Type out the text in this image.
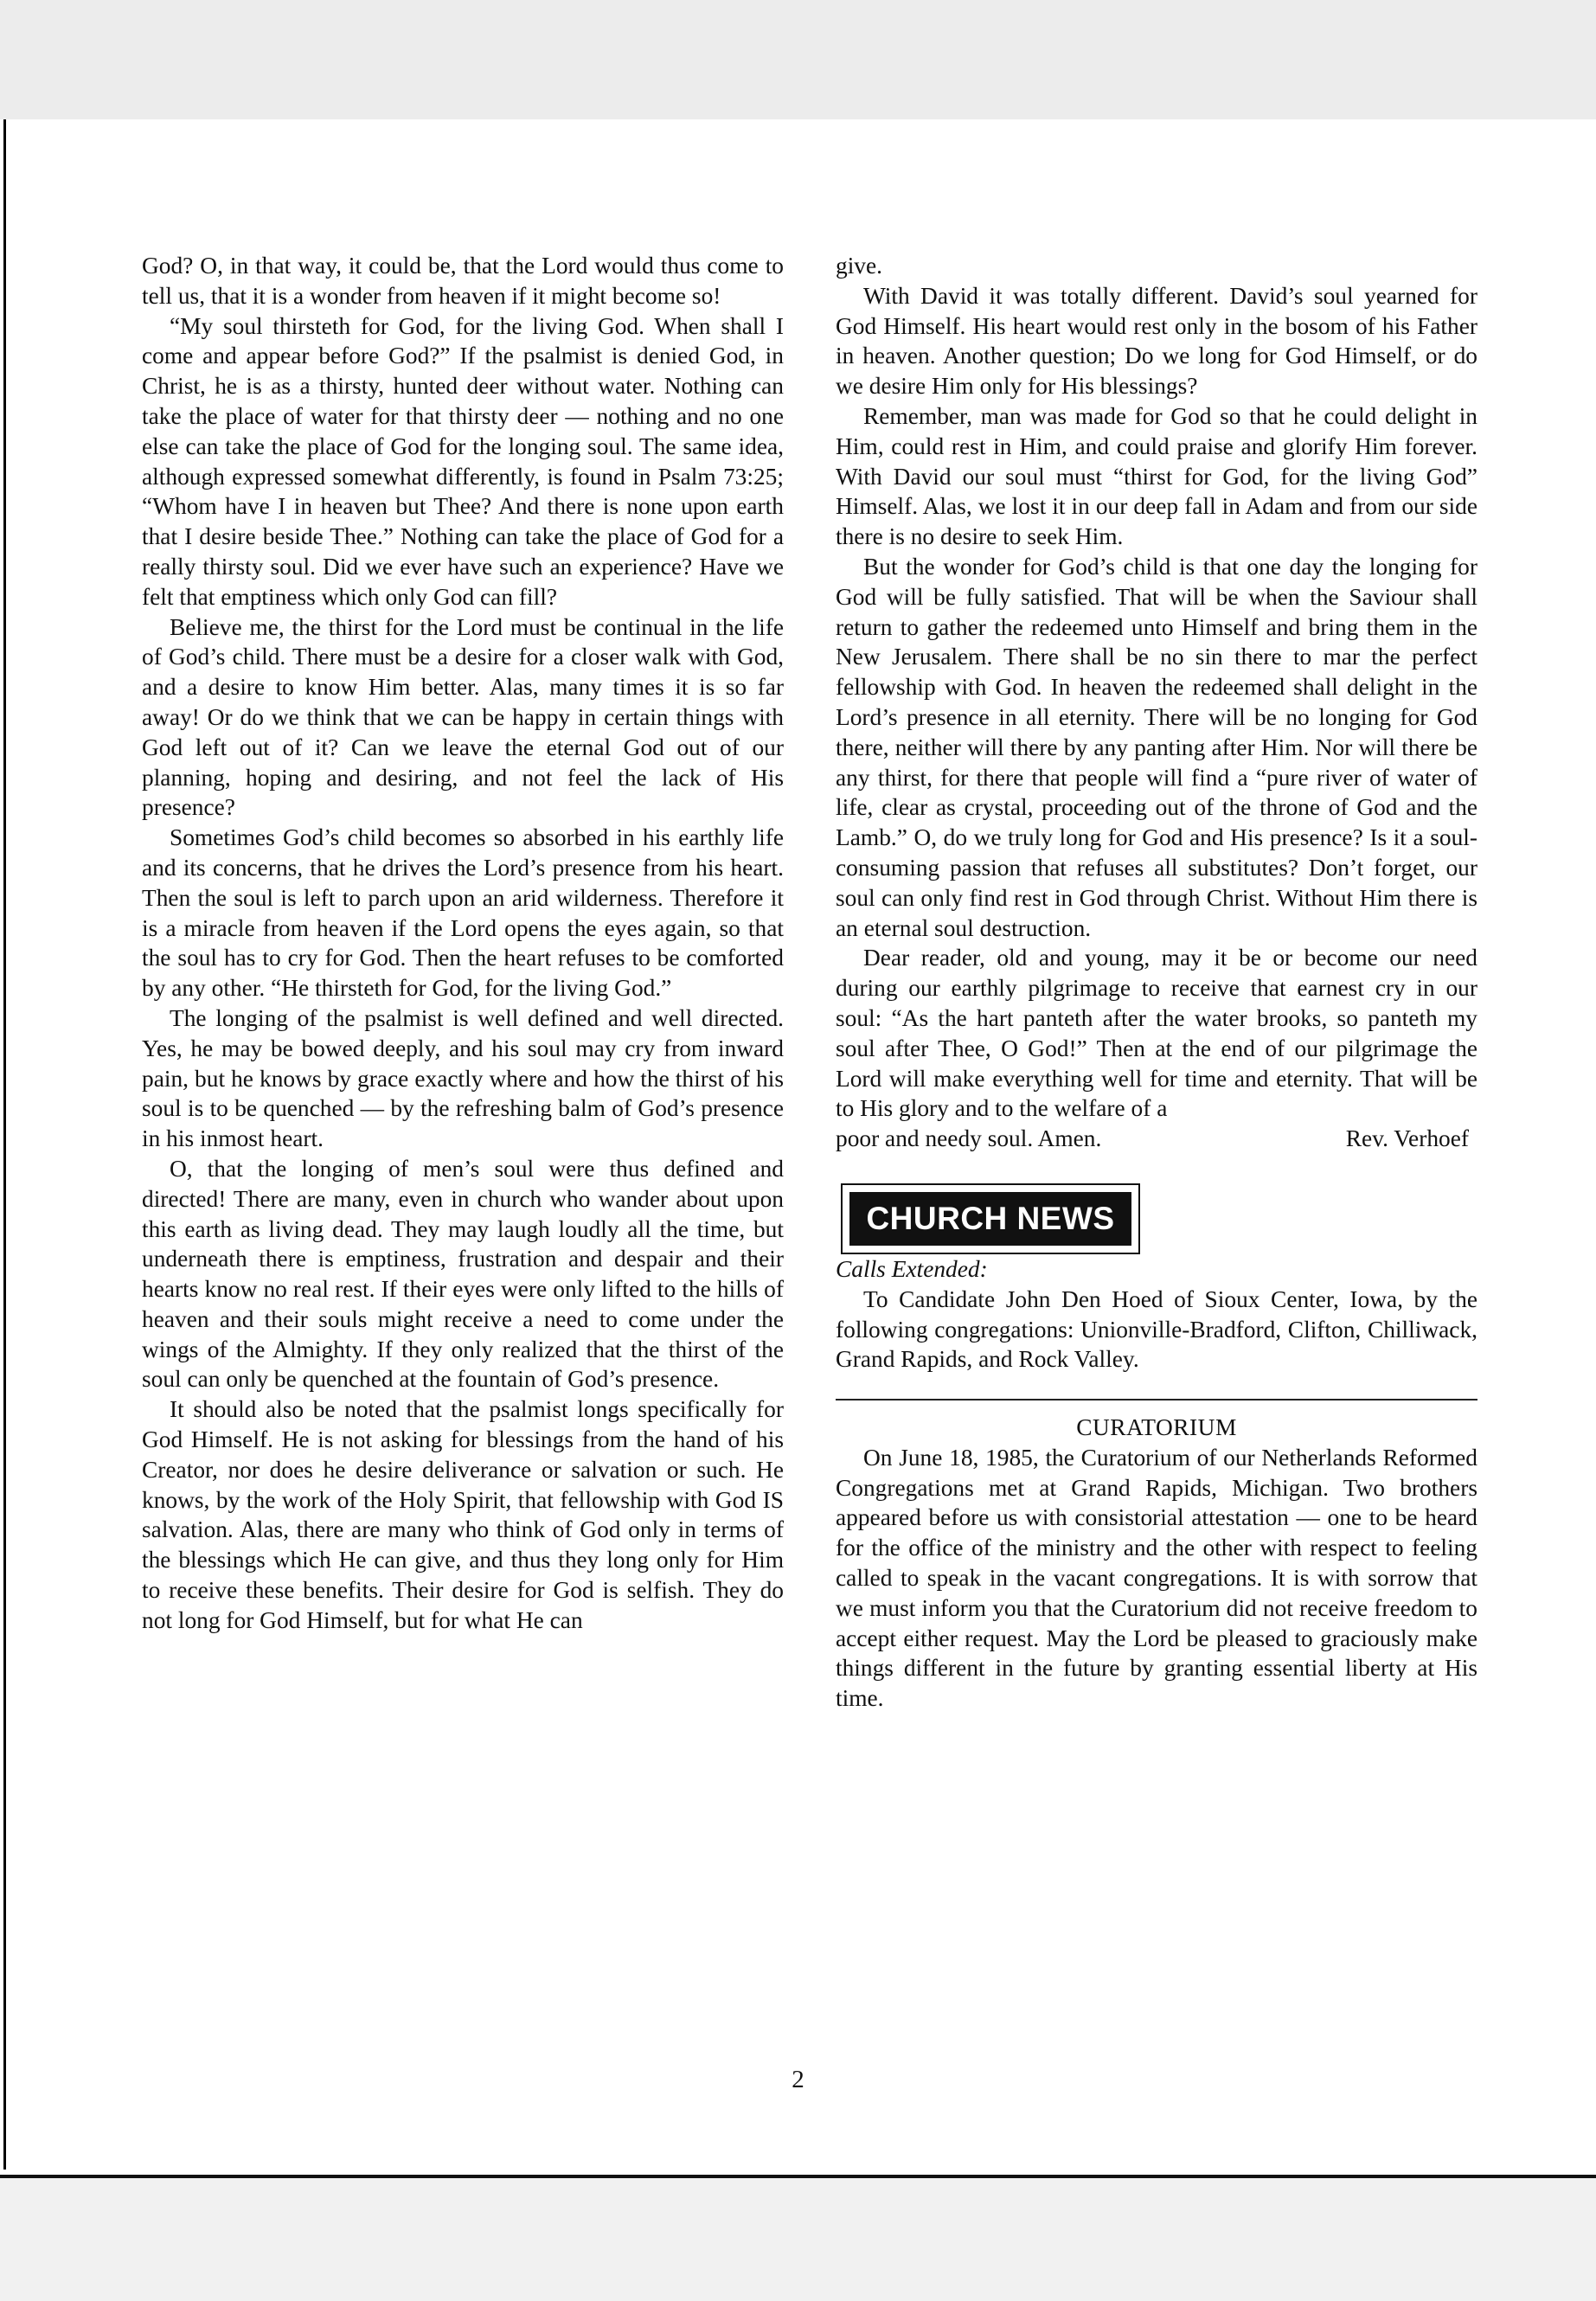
God? O, in that way, it could be, that the Lord would thus come to tell us, that it is a wonder from heaven if it might become so!

“My soul thirsteth for God, for the living God. When shall I come and appear before God?” If the psalmist is denied God, in Christ, he is as a thirsty, hunted deer without water. Nothing can take the place of water for that thirsty deer — nothing and no one else can take the place of God for the longing soul. The same idea, although expressed somewhat differently, is found in Psalm 73:25; “Whom have I in heaven but Thee? And there is none upon earth that I desire beside Thee.” Nothing can take the place of God for a really thirsty soul. Did we ever have such an experience? Have we felt that emptiness which only God can fill?

Believe me, the thirst for the Lord must be continual in the life of God’s child. There must be a desire for a closer walk with God, and a desire to know Him better. Alas, many times it is so far away! Or do we think that we can be happy in certain things with God left out of it? Can we leave the eternal God out of our planning, hoping and desiring, and not feel the lack of His presence?

Sometimes God’s child becomes so absorbed in his earthly life and its concerns, that he drives the Lord’s presence from his heart. Then the soul is left to parch upon an arid wilderness. Therefore it is a miracle from heaven if the Lord opens the eyes again, so that the soul has to cry for God. Then the heart refuses to be comforted by any other. “He thirsteth for God, for the living God.”

The longing of the psalmist is well defined and well directed. Yes, he may be bowed deeply, and his soul may cry from inward pain, but he knows by grace exactly where and how the thirst of his soul is to be quenched — by the refreshing balm of God’s presence in his inmost heart.

O, that the longing of men’s soul were thus defined and directed! There are many, even in church who wander about upon this earth as living dead. They may laugh loudly all the time, but underneath there is emptiness, frustration and despair and their hearts know no real rest. If their eyes were only lifted to the hills of heaven and their souls might receive a need to come under the wings of the Almighty. If they only realized that the thirst of the soul can only be quenched at the fountain of God’s presence.

It should also be noted that the psalmist longs specifically for God Himself. He is not asking for blessings from the hand of his Creator, nor does he desire deliverance or salvation or such. He knows, by the work of the Holy Spirit, that fellowship with God IS salvation. Alas, there are many who think of God only in terms of the blessings which He can give, and thus they long only for Him to receive these benefits. Their desire for God is selfish. They do not long for God Himself, but for what He can

give.

With David it was totally different. David’s soul yearned for God Himself. His heart would rest only in the bosom of his Father in heaven. Another question; Do we long for God Himself, or do we desire Him only for His blessings?

Remember, man was made for God so that he could delight in Him, could rest in Him, and could praise and glorify Him forever. With David our soul must “thirst for God, for the living God” Himself. Alas, we lost it in our deep fall in Adam and from our side there is no desire to seek Him.

But the wonder for God’s child is that one day the longing for God will be fully satisfied. That will be when the Saviour shall return to gather the redeemed unto Himself and bring them in the New Jerusalem. There shall be no sin there to mar the perfect fellowship with God. In heaven the redeemed shall delight in the Lord’s presence in all eternity. There will be no longing for God there, neither will there by any panting after Him. Nor will there be any thirst, for there that people will find a “pure river of water of life, clear as crystal, proceeding out of the throne of God and the Lamb.” O, do we truly long for God and His presence? Is it a soul-consuming passion that refuses all substitutes? Don’t forget, our soul can only find rest in God through Christ. Without Him there is an eternal soul destruction.

Dear reader, old and young, may it be or become our need during our earthly pilgrimage to receive that earnest cry in our soul: “As the hart panteth after the water brooks, so panteth my soul after Thee, O God!” Then at the end of our pilgrimage the Lord will make everything well for time and eternity. That will be to His glory and to the welfare of a

poor and needy soul. Amen.	Rev. Verhoef
CHURCH NEWS

Calls Extended:

To Candidate John Den Hoed of Sioux Center, Iowa, by the following congregations: Unionville-Bradford, Clifton, Chilliwack, Grand Rapids, and Rock Valley.

CURATORIUM

On June 18, 1985, the Curatorium of our Netherlands Reformed Congregations met at Grand Rapids, Michigan. Two brothers appeared before us with consistorial attestation — one to be heard for the office of the ministry and the other with respect to feeling called to speak in the vacant congregations. It is with sorrow that we must inform you that the Curatorium did not receive freedom to accept either request. May the Lord be pleased to graciously make things different in the future by granting essential liberty at His time.

2
